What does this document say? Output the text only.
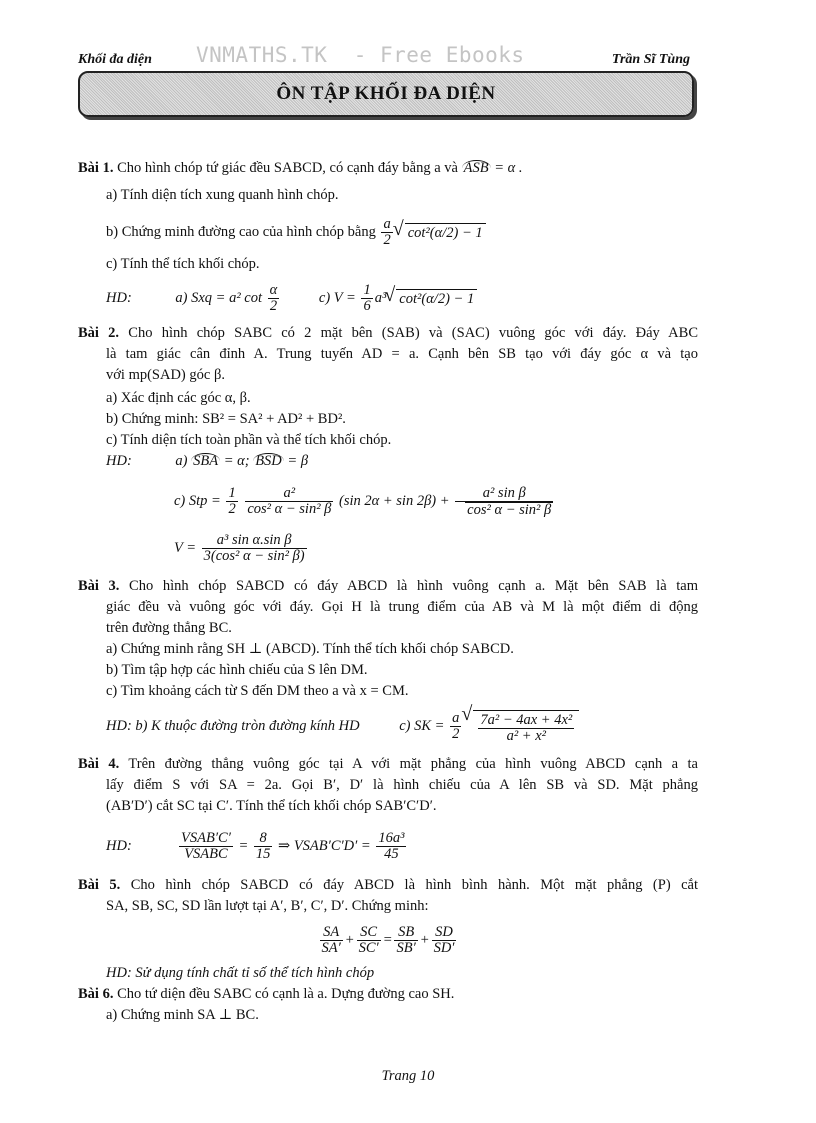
Khối đa diện VNMATHS.TK  - Free Ebooks	Trần Sĩ Tùng
ÔN TẬP KHỐI ĐA DIỆN
Bài 1. Cho hình chóp tứ giác đều SABCD, có cạnh đáy bằng a và ASB = α .
a) Tính diện tích xung quanh hình chóp.
b) Chứng minh đường cao của hình chóp bằng $\frac{a}{2}$
√ cot²(α/2) − 1
c) Tính thể tích khối chóp.
HD:	a) Sxq = a² $\cot \frac{\alpha}{2}$	c) $V = \frac{1}{6} a^3√$ cot²(α/2) − 1
Bài 2. Cho hình chóp SABC có 2 mặt bên (SAB) và (SAC) vuông góc với đáy. Đáy ABC
là tam giác cân đỉnh A. Trung tuyến AD = a. Cạnh bên SB tạo với đáy góc α và tạo
với mp(SAD) góc β.
a) Xác định các góc α, β.
b) Chứng minh: SB² = SA² + AD² + BD².
c) Tính diện tích toàn phần và thể tích khối chóp.
HD:	a) SBA = α; BSD = β
c) Stp = $\frac{1}{2}$
$\frac{\text{a²}}{\text{cos² α − sin² β}} (\sin$ $2\alpha + \sin 2\beta) + \frac{\text{a² sin β}}{\text{cos² α − sin² β}}$
$V = \frac{\text{a³ sin α.sin β}}{\text{3(cos² α − sin² β)}}$
Bài 3. Cho hình chóp SABCD có đáy ABCD là hình vuông cạnh a. Mặt bên SAB là tam
giác đều và vuông góc với đáy. Gọi H là trung điểm của AB và M là một điểm di động
trên đường thẳng BC.
a) Chứng minh rằng SH ⊥ (ABCD). Tính thể tích khối chóp SABCD.
b) Tìm tập hợp các hình chiếu của S lên DM.
c) Tìm khoảng cách từ S đến DM theo a và x = CM.
HD: b) K thuộc đường tròn đường kính HD	c) SK = $\frac{a}{2}$
√ $\frac{\text{7a² − 4ax + 4x²}}{\text{a² + x²}}$
Bài 4. Trên đường thẳng vuông góc tại A với mặt phẳng của hình vuông ABCD cạnh a ta
lấy điểm S với SA = 2a. Gọi B′, D′ là hình chiếu của A lên SB và SD. Mặt phẳng
(AB′D′) cắt SC tại C′. Tính thể tích khối chóp SAB′C′D′.
HD:	$\frac{\text{VSAB′C′}}{\text{VSABC}} = \frac{8}{15}$ ⇒ VSAB′C′D′ = $\frac{\text{16a³}}{45}$
Bài 5. Cho hình chóp SABCD có đáy ABCD là hình bình hành. Một mặt phẳng (P) cắt
SA, SB, SC, SD lần lượt tại A′, B′, C′, D′. Chứng minh:
$\frac{SA}{SA'} + \frac{SC}{SC'} = \frac{SB}{SB'} + \frac{SD}{SD'}$
HD: Sử dụng tính chất tỉ số thể tích hình chóp
Bài 6. Cho tứ diện đều SABC có cạnh là a. Dựng đường cao SH.
a) Chứng minh SA ⊥ BC.
Trang 10
